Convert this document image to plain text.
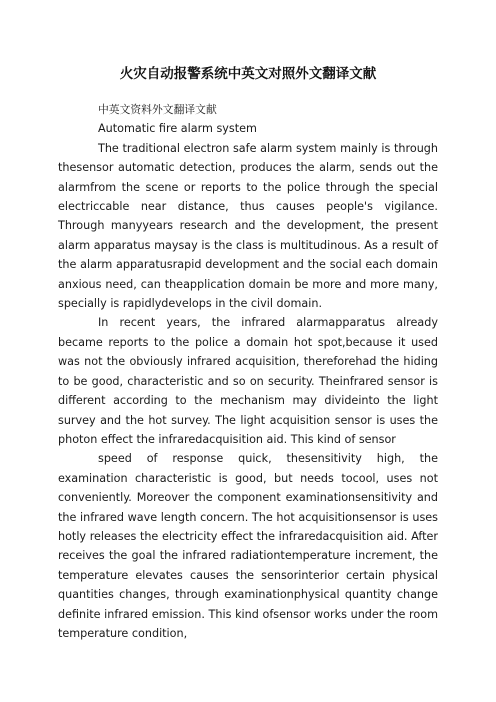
火灾自动报警系统中英文对照外文翻译文献

中英文资料外文翻译文献

Automatic fire alarm system

The traditional electron safe alarm system mainly is through thesensor automatic detection, produces the alarm, sends out the alarmfrom the scene or reports to the police through the special electriccable near distance, thus causes people's vigilance. Through manyyears research and the development, the present alarm apparatus maysay is the class is multitudinous. As a result of the alarm apparatusrapid development and the social each domain anxious need, can theapplication domain be more and more many, specially is rapidlydevelops in the civil domain.

In recent years, the infrared alarmapparatus already became reports to the police a domain hot spot,because it used was not the obviously infrared acquisition, thereforehad the hiding to be good, characteristic and so on security. Theinfrared sensor is different according to the mechanism may divideinto the light survey and the hot survey. The light acquisition sensor is uses the photon effect the infraredacquisition aid. This kind of sensor

speed of response quick, thesensitivity high, the examination characteristic is good, but needs tocool, uses not conveniently. Moreover the component examinationsensitivity and the infrared wave length concern. The hot acquisitionsensor is uses hotly releases the electricity effect the infraredacquisition aid. After receives the goal the infrared radiationtemperature increment, the temperature elevates causes the sensorinterior certain physical quantities changes, through examinationphysical quantity change definite infrared emission. This kind ofsensor works under the room temperature condition,
